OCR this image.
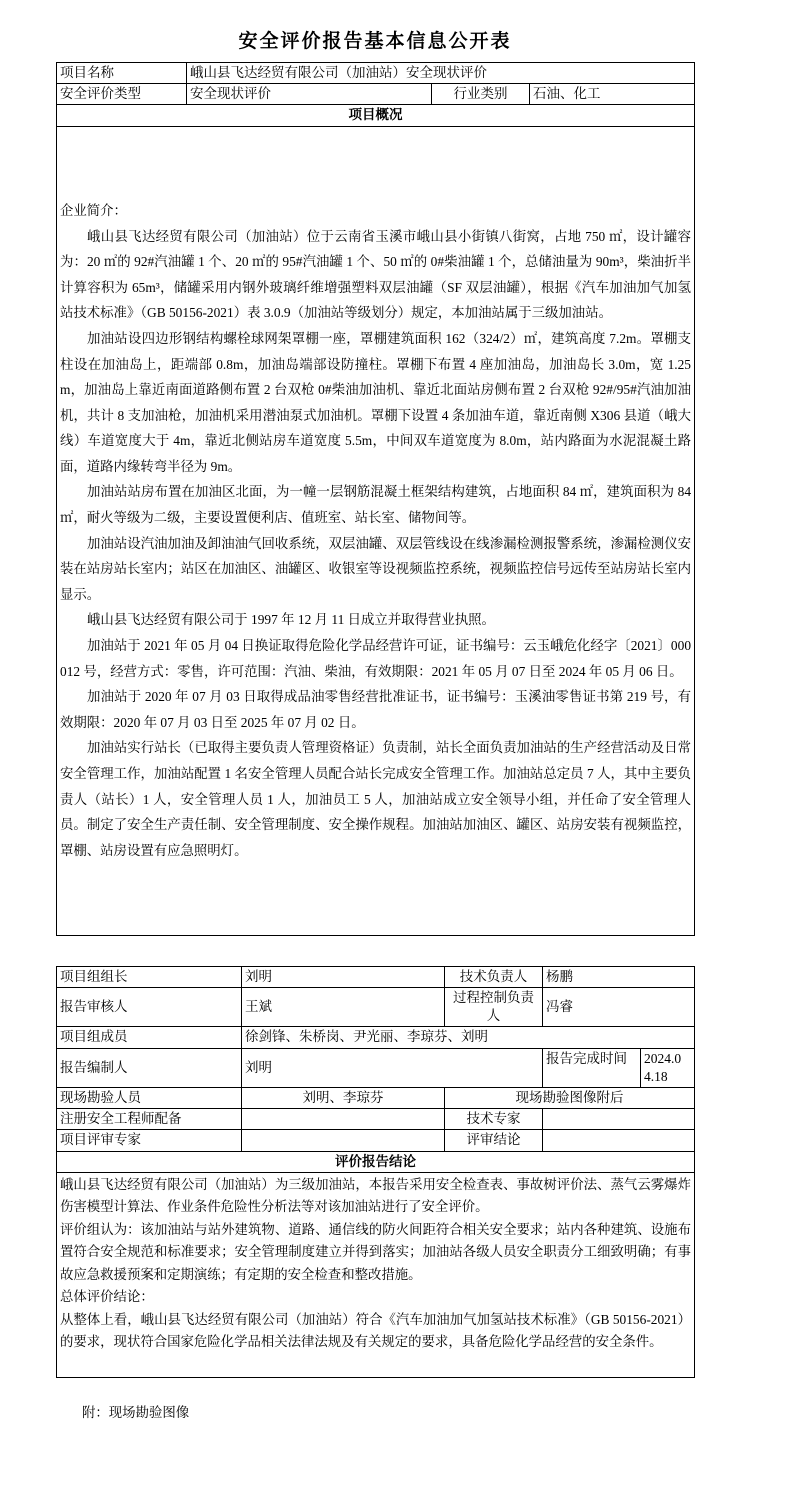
安全评价报告基本信息公开表
项目名称	峨山县飞达经贸有限公司（加油站）安全现状评价		
安全评价类型	安全现状评价	行业类别	石油、化工
项目概况			

企业简介：

峨山县飞达经贸有限公司（加油站）位于云南省玉溪市峨山县小街镇八街窝，占地 750 ㎡，设计罐容为：20 ㎡的 92#汽油罐 1 个、20 ㎡的 95#汽油罐 1 个、50 ㎡的 0#柴油罐 1 个，总储油量为 90m³，柴油折半计算容积为 65m³，储罐采用内钢外玻璃纤维增强塑料双层油罐（SF 双层油罐），根据《汽车加油加气加氢站技术标准》（GB 50156-2021）表 3.0.9（加油站等级划分）规定，本加油站属于三级加油站。

加油站设四边形钢结构螺栓球网架罩棚一座，罩棚建筑面积 162（324/2）㎡，建筑高度 7.2m。罩棚支柱设在加油岛上，距端部 0.8m，加油岛端部设防撞柱。罩棚下布置 4 座加油岛，加油岛长 3.0m，宽 1.25m，加油岛上靠近南面道路侧布置 2 台双枪 0#柴油加油机、靠近北面站房侧布置 2 台双枪 92#/95#汽油加油机，共计 8 支加油枪，加油机采用潜油泵式加油机。罩棚下设置 4 条加油车道，靠近南侧 X306 县道（峨大线）车道宽度大于 4m，靠近北侧站房车道宽度 5.5m，中间双车道宽度为 8.0m，站内路面为水泥混凝土路面，道路内缘转弯半径为 9m。

加油站站房布置在加油区北面，为一幢一层钢筋混凝土框架结构建筑，占地面积 84 ㎡，建筑面积为 84 ㎡，耐火等级为二级，主要设置便利店、值班室、站长室、储物间等。

加油站设汽油加油及卸油油气回收系统，双层油罐、双层管线设在线渗漏检测报警系统，渗漏检测仪安装在站房站长室内；站区在加油区、油罐区、收银室等设视频监控系统，视频监控信号远传至站房站长室内显示。

峨山县飞达经贸有限公司于 1997 年 12 月 11 日成立并取得营业执照。

加油站于 2021 年 05 月 04 日换证取得危险化学品经营许可证，证书编号：云玉峨危化经字〔2021〕000012 号，经营方式：零售，许可范围：汽油、柴油，有效期限：2021 年 05 月 07 日至 2024 年 05 月 06 日。

加油站于 2020 年 07 月 03 日取得成品油零售经营批准证书，证书编号：玉溪油零售证书第 219 号，有效期限：2020 年 07 月 03 日至 2025 年 07 月 02 日。

加油站实行站长（已取得主要负责人管理资格证）负责制，站长全面负责加油站的生产经营活动及日常安全管理工作，加油站配置 1 名安全管理人员配合站长完成安全管理工作。加油站总定员 7 人，其中主要负责人（站长）1 人，安全管理人员 1 人，加油员工 5 人，加油站成立安全领导小组，并任命了安全管理人员。制定了安全生产责任制、安全管理制度、安全操作规程。加油站加油区、罐区、站房安装有视频监控，罩棚、站房设置有应急照明灯。

项目组组长	刘明	技术负责人	杨鹏
报告审核人	王斌	过程控制负责人	冯睿
项目组成员	徐剑锋、朱桥岗、尹光丽、李琼芬、刘明		
报告编制人	刘明		报告完成时间 2024.04.18

现场勘验人员	刘明、李琼芬	现场勘验图像附后	
注册安全工程师配备		技术专家	
项目评审专家		评审结论	
评价报告结论			

峨山县飞达经贸有限公司（加油站）为三级加油站，本报告采用安全检查表、事故树评价法、蒸气云雾爆炸伤害模型计算法、作业条件危险性分析法等对该加油站进行了安全评价。

评价组认为：该加油站与站外建筑物、道路、通信线的防火间距符合相关安全要求；站内各种建筑、设施布置符合安全规范和标准要求；安全管理制度建立并得到落实；加油站各级人员安全职责分工细致明确；有事故应急救援预案和定期演练；有定期的安全检查和整改措施。

总体评价结论：

从整体上看，峨山县飞达经贸有限公司（加油站）符合《汽车加油加气加氢站技术标准》（GB 50156-2021）的要求，现状符合国家危险化学品相关法律法规及有关规定的要求，具备危险化学品经营的安全条件。			

附：现场勘验图像
